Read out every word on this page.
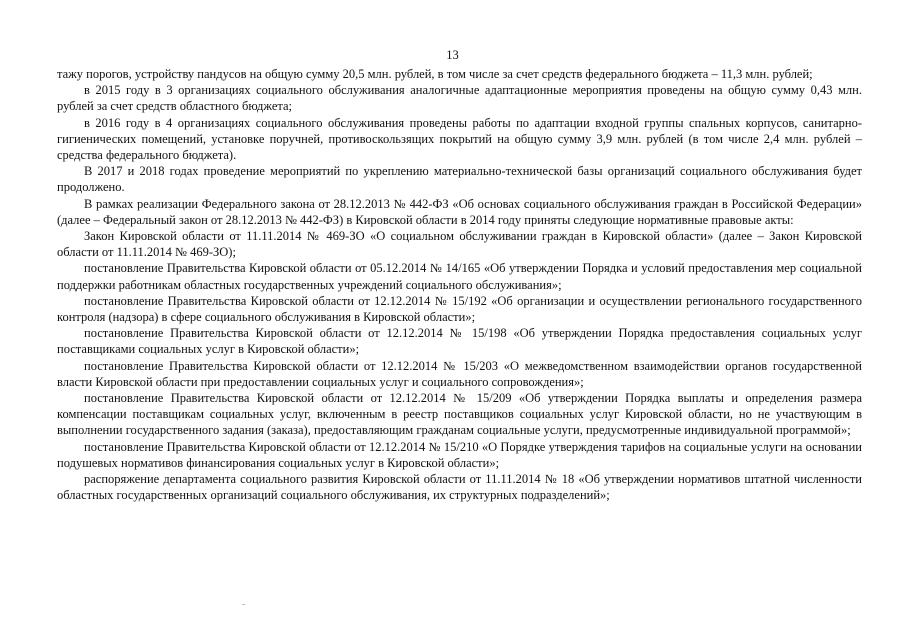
13

тажу порогов, устройству пандусов на общую сумму 20,5 млн. рублей, в том числе за счет средств федерального бюджета – 11,3 млн. рублей;

в 2015 году в 3 организациях социального обслуживания аналогичные адаптационные мероприятия проведены на общую сумму 0,43 млн. рублей за счет средств областного бюджета;

в 2016 году в 4 организациях социального обслуживания проведены работы по адаптации входной группы спальных корпусов, санитарно-гигиенических помещений, установке поручней, противоскользящих покрытий на общую сумму 3,9 млн. рублей (в том числе 2,4 млн. рублей – средства федерального бюджета).

В 2017 и 2018 годах проведение мероприятий по укреплению материально-технической базы организаций социального обслуживания будет продолжено.

В рамках реализации Федерального закона от 28.12.2013 № 442-ФЗ «Об основах социального обслуживания граждан в Российской Федерации» (далее – Федеральный закон от 28.12.2013 № 442-ФЗ) в Кировской области в 2014 году приняты следующие нормативные правовые акты:

Закон Кировской области от 11.11.2014 № 469-ЗО «О социальном обслуживании граждан в Кировской области» (далее – Закон Кировской области от 11.11.2014 № 469-ЗО);

постановление Правительства Кировской области от 05.12.2014 № 14/165 «Об утверждении Порядка и условий предоставления мер социальной поддержки работникам областных государственных учреждений социального обслуживания»;

постановление Правительства Кировской области от 12.12.2014 № 15/192 «Об организации и осуществлении регионального государственного контроля (надзора) в сфере социального обслуживания в Кировской области»;

постановление Правительства Кировской области от 12.12.2014 № 15/198 «Об утверждении Порядка предоставления социальных услуг поставщиками социальных услуг в Кировской области»;

постановление Правительства Кировской области от 12.12.2014 № 15/203 «О межведомственном взаимодействии органов государственной власти Кировской области при предоставлении социальных услуг и социального сопровождения»;

постановление Правительства Кировской области от 12.12.2014 № 15/209 «Об утверждении Порядка выплаты и определения размера компенсации поставщикам социальных услуг, включенным в реестр поставщиков социальных услуг Кировской области, но не участвующим в выполнении государственного задания (заказа), предоставляющим гражданам социальные услуги, предусмотренные индивидуальной программой»;

постановление Правительства Кировской области от 12.12.2014 № 15/210 «О Порядке утверждения тарифов на социальные услуги на основании подушевых нормативов финансирования социальных услуг в Кировской области»;

распоряжение департамента социального развития Кировской области от 11.11.2014 № 18 «Об утверждении нормативов штатной численности областных государственных организаций социального обслуживания, их структурных подразделений»;
